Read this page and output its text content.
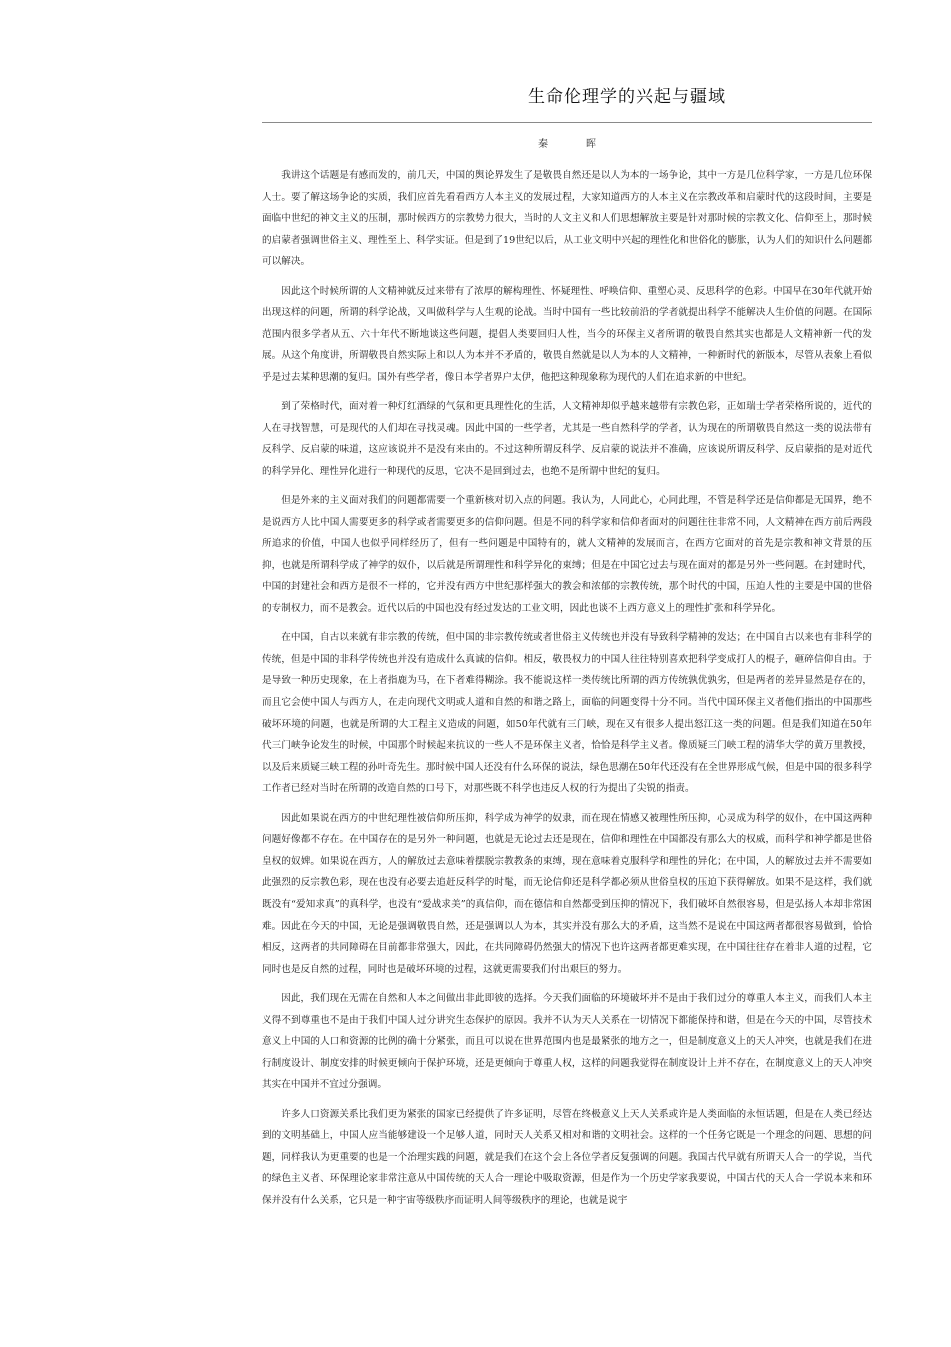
生命伦理学的兴起与疆域
秦　晖

我讲这个话题是有感而发的，前几天，中国的舆论界发生了是敬畏自然还是以人为本的一场争论，其中一方是几位科学家，一方是几位环保人士。要了解这场争论的实质，我们应首先看看西方人本主义的发展过程，大家知道西方的人本主义在宗教改革和启蒙时代的这段时间，主要是面临中世纪的神文主义的压制，那时候西方的宗教势力很大，当时的人文主义和人们思想解放主要是针对那时候的宗教文化、信仰至上，那时候的启蒙者强调世俗主义、理性至上、科学实证。但是到了19世纪以后，从工业文明中兴起的理性化和世俗化的膨胀，认为人们的知识什么问题都可以解决。

因此这个时候所谓的人文精神就反过来带有了浓厚的解构理性、怀疑理性、呼唤信仰、重塑心灵、反思科学的色彩。中国早在30年代就开始出现这样的问题，所谓的科学论战，又叫做科学与人生观的论战。当时中国有一些比较前沿的学者就提出科学不能解决人生价值的问题。在国际范围内很多学者从五、六十年代不断地谈这些问题，提倡人类要回归人性，当今的环保主义者所谓的敬畏自然其实也都是人文精神新一代的发展。从这个角度讲，所谓敬畏自然实际上和以人为本并不矛盾的，敬畏自然就是以人为本的人文精神，一种新时代的新版本，尽管从表象上看似乎是过去某种思潮的复归。国外有些学者，像日本学者界户太伊，他把这种现象称为现代的人们在追求新的中世纪。

到了荣格时代，面对着一种灯红酒绿的气氛和更具理性化的生活，人文精神却似乎越来越带有宗教色彩，正如瑞士学者荣格所说的，近代的人在寻找智慧，可是现代的人们却在寻找灵魂。因此中国的一些学者，尤其是一些自然科学的学者，认为现在的所谓敬畏自然这一类的说法带有反科学、反启蒙的味道，这应该说并不是没有来由的。不过这种所谓反科学、反启蒙的说法并不准确，应该说所谓反科学、反启蒙指的是对近代的科学异化、理性异化进行一种现代的反思，它决不是回到过去，也绝不是所谓中世纪的复归。

但是外来的主义面对我们的问题都需要一个重新核对切入点的问题。我认为，人同此心，心同此理，不管是科学还是信仰都是无国界，绝不是说西方人比中国人需要更多的科学或者需要更多的信仰问题。但是不同的科学家和信仰者面对的问题往往非常不同，人文精神在西方前后两段所追求的价值，中国人也似乎同样经历了，但有一些问题是中国特有的，就人文精神的发展而言，在西方它面对的首先是宗教和神文背景的压抑，也就是所谓科学成了神学的奴仆，以后就是所谓理性和科学异化的束缚；但是在中国它过去与现在面对的都是另外一些问题。在封建时代，中国的封建社会和西方是很不一样的，它并没有西方中世纪那样强大的教会和浓郁的宗教传统，那个时代的中国，压迫人性的主要是中国的世俗的专制权力，而不是教会。近代以后的中国也没有经过发达的工业文明，因此也谈不上西方意义上的理性扩张和科学异化。

在中国，自古以来就有非宗教的传统，但中国的非宗教传统或者世俗主义传统也并没有导致科学精神的发达；在中国自古以来也有非科学的传统，但是中国的非科学传统也并没有造成什么真诚的信仰。相反，敬畏权力的中国人往往特别喜欢把科学变成打人的棍子，砸碎信仰自由。于是导致一种历史现象，在上者指鹿为马，在下者难得糊涂。我不能说这样一类传统比所谓的西方传统孰优孰劣，但是两者的差异显然是存在的，而且它会使中国人与西方人，在走向现代文明或人道和自然的和谐之路上，面临的问题变得十分不同。当代中国环保主义者他们指出的中国那些破坏环境的问题，也就是所谓的大工程主义造成的问题，如50年代就有三门峡，现在又有很多人提出怒江这一类的问题。但是我们知道在50年代三门峡争论发生的时候，中国那个时候起来抗议的一些人不是环保主义者，恰恰是科学主义者。像质疑三门峡工程的清华大学的黄万里教授，以及后来质疑三峡工程的孙叶奇先生。那时候中国人还没有什么环保的说法，绿色思潮在50年代还没有在全世界形成气候，但是中国的很多科学工作者已经对当时在所谓的改造自然的口号下，对那些既不科学也违反人权的行为提出了尖锐的指责。

因此如果说在西方的中世纪理性被信仰所压抑，科学成为神学的奴隶，而在现在情感又被理性所压抑，心灵成为科学的奴仆，在中国这两种问题好像都不存在。在中国存在的是另外一种问题，也就是无论过去还是现在，信仰和理性在中国都没有那么大的权威，而科学和神学都是世俗皇权的奴婢。如果说在西方，人的解放过去意味着摆脱宗教教条的束缚，现在意味着克服科学和理性的异化；在中国，人的解放过去并不需要如此强烈的反宗教色彩，现在也没有必要去追赶反科学的时髦，而无论信仰还是科学都必须从世俗皇权的压迫下获得解放。如果不是这样，我们就既没有“爱知求真”的真科学，也没有“爱战求美”的真信仰，而在德信和自然都受到压抑的情况下，我们破坏自然很容易，但是弘扬人本却非常困难。因此在今天的中国，无论是强调敬畏自然，还是强调以人为本，其实并没有那么大的矛盾，这当然不是说在中国这两者都很容易做到，恰恰相反，这两者的共同障碍在目前都非常强大，因此，在共同障碍仍然强大的情况下也许这两者都更难实现，在中国往往存在着非人道的过程，它同时也是反自然的过程，同时也是破坏环境的过程，这就更需要我们付出艰巨的努力。

因此，我们现在无需在自然和人本之间做出非此即彼的选择。今天我们面临的环境破坏并不是由于我们过分的尊重人本主义，而我们人本主义得不到尊重也不是由于我们中国人过分讲究生态保护的原因。我并不认为天人关系在一切情况下都能保持和谐，但是在今天的中国，尽管技术意义上中国的人口和资源的比例的确十分紧张，而且可以说在世界范围内也是最紧张的地方之一，但是制度意义上的天人冲突，也就是我们在进行制度设计、制度安排的时候更倾向于保护环境，还是更倾向于尊重人权，这样的问题我觉得在制度设计上并不存在，在制度意义上的天人冲突其实在中国并不宜过分强调。

许多人口资源关系比我们更为紧张的国家已经提供了许多证明，尽管在终极意义上天人关系或许是人类面临的永恒话题，但是在人类已经达到的文明基础上，中国人应当能够建设一个足够人道，同时天人关系又相对和谐的文明社会。这样的一个任务它既是一个理念的问题、思想的问题，同样我认为更重要的也是一个治理实践的问题，就是我们在这个会上各位学者反复强调的问题。我国古代早就有所谓天人合一的学说，当代的绿色主义者、环保理论家非常注意从中国传统的天人合一理论中吸取资源，但是作为一个历史学家我要说，中国古代的天人合一学说本来和环保并没有什么关系，它只是一种宇宙等级秩序而证明人间等级秩序的理论，也就是说宇
